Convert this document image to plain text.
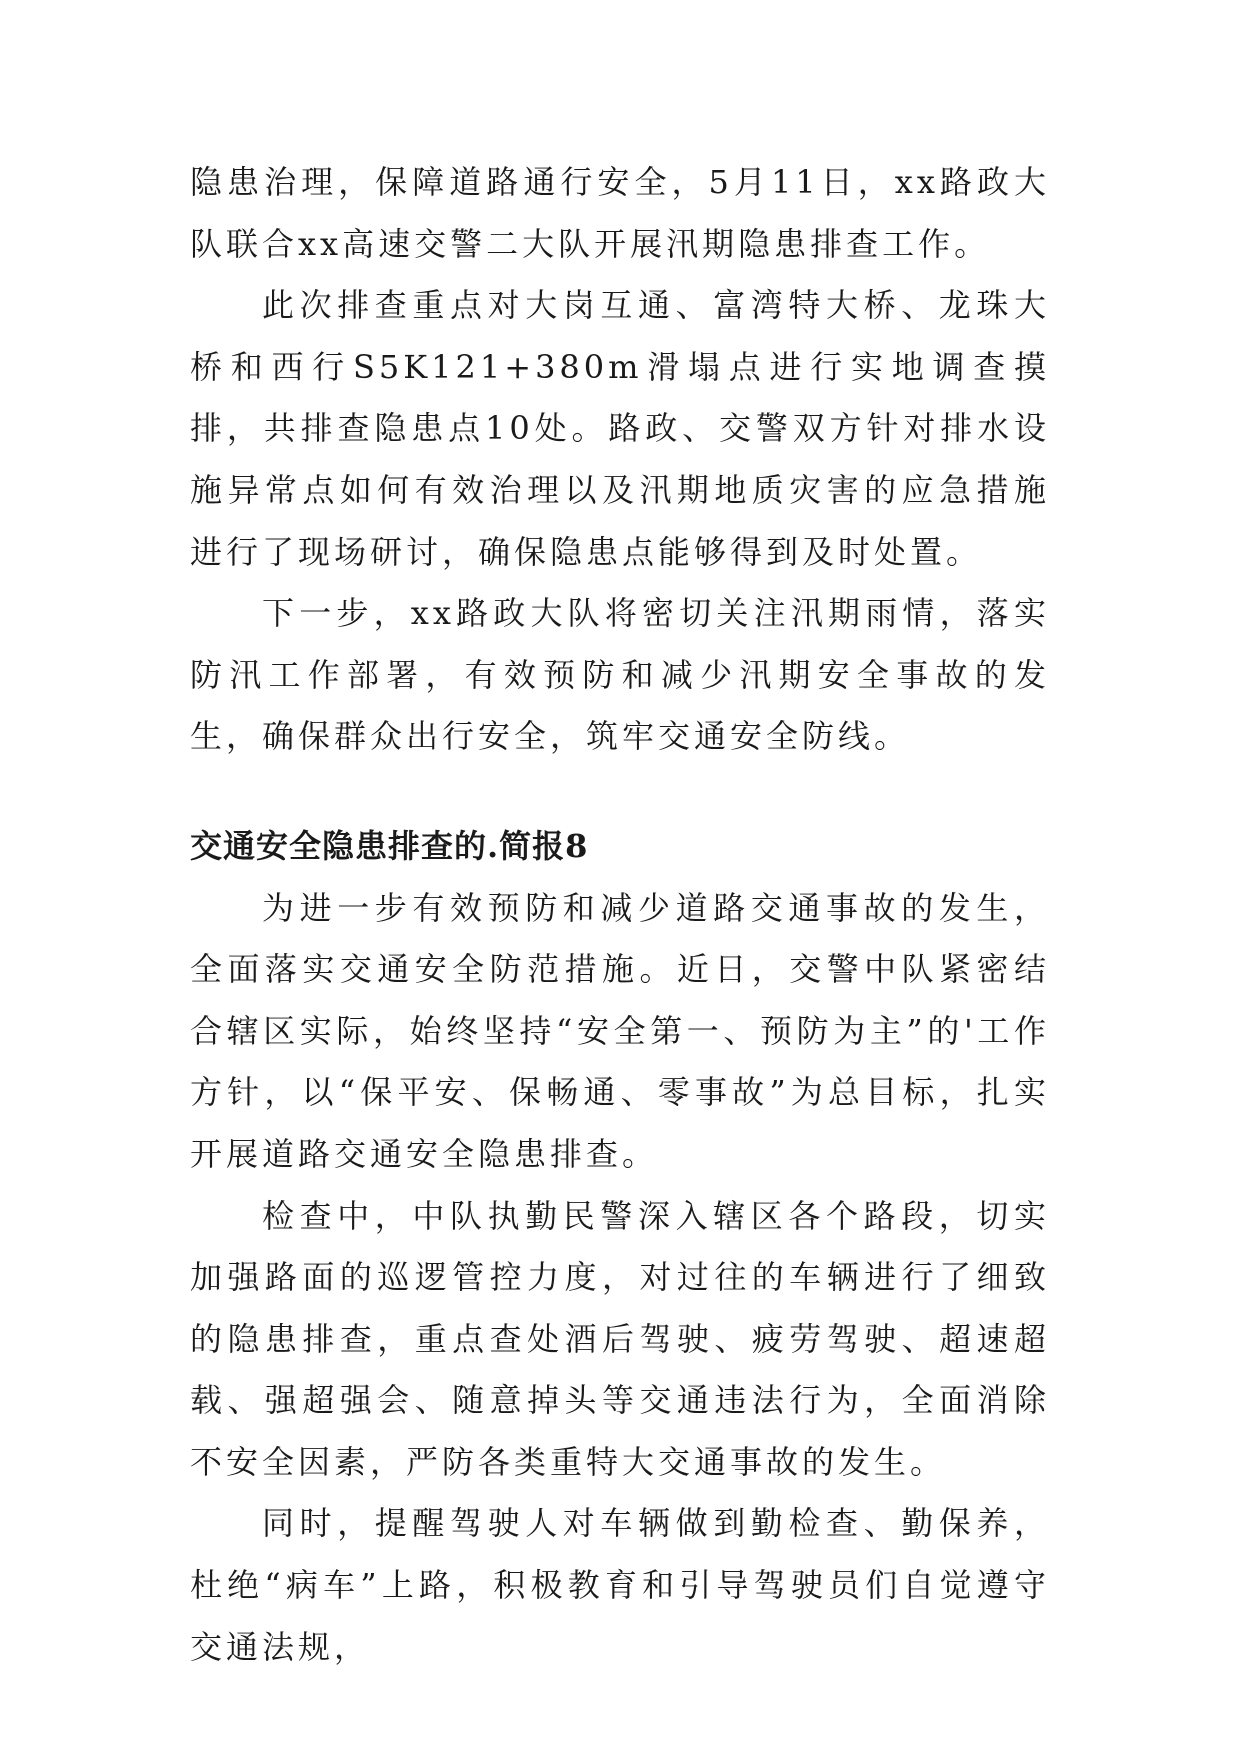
隐患治理，保障道路通行安全，5月11日，xx路政大队联合xx高速交警二大队开展汛期隐患排查工作。

此次排查重点对大岗互通、富湾特大桥、龙珠大桥和西行S5K121+380m滑塌点进行实地调查摸排，共排查隐患点10处。路政、交警双方针对排水设施异常点如何有效治理以及汛期地质灾害的应急措施进行了现场研讨，确保隐患点能够得到及时处置。

下一步，xx路政大队将密切关注汛期雨情，落实防汛工作部署，有效预防和减少汛期安全事故的发生，确保群众出行安全，筑牢交通安全防线。

交通安全隐患排查的.简报8

为进一步有效预防和减少道路交通事故的发生，全面落实交通安全防范措施。近日，交警中队紧密结合辖区实际，始终坚持“安全第一、预防为主”的'工作方针，以“保平安、保畅通、零事故”为总目标，扎实开展道路交通安全隐患排查。

检查中，中队执勤民警深入辖区各个路段，切实加强路面的巡逻管控力度，对过往的车辆进行了细致的隐患排查，重点查处酒后驾驶、疲劳驾驶、超速超载、强超强会、随意掉头等交通违法行为，全面消除不安全因素，严防各类重特大交通事故的发生。

同时，提醒驾驶人对车辆做到勤检查、勤保养，杜绝“病车”上路，积极教育和引导驾驶员们自觉遵守交通法规，
